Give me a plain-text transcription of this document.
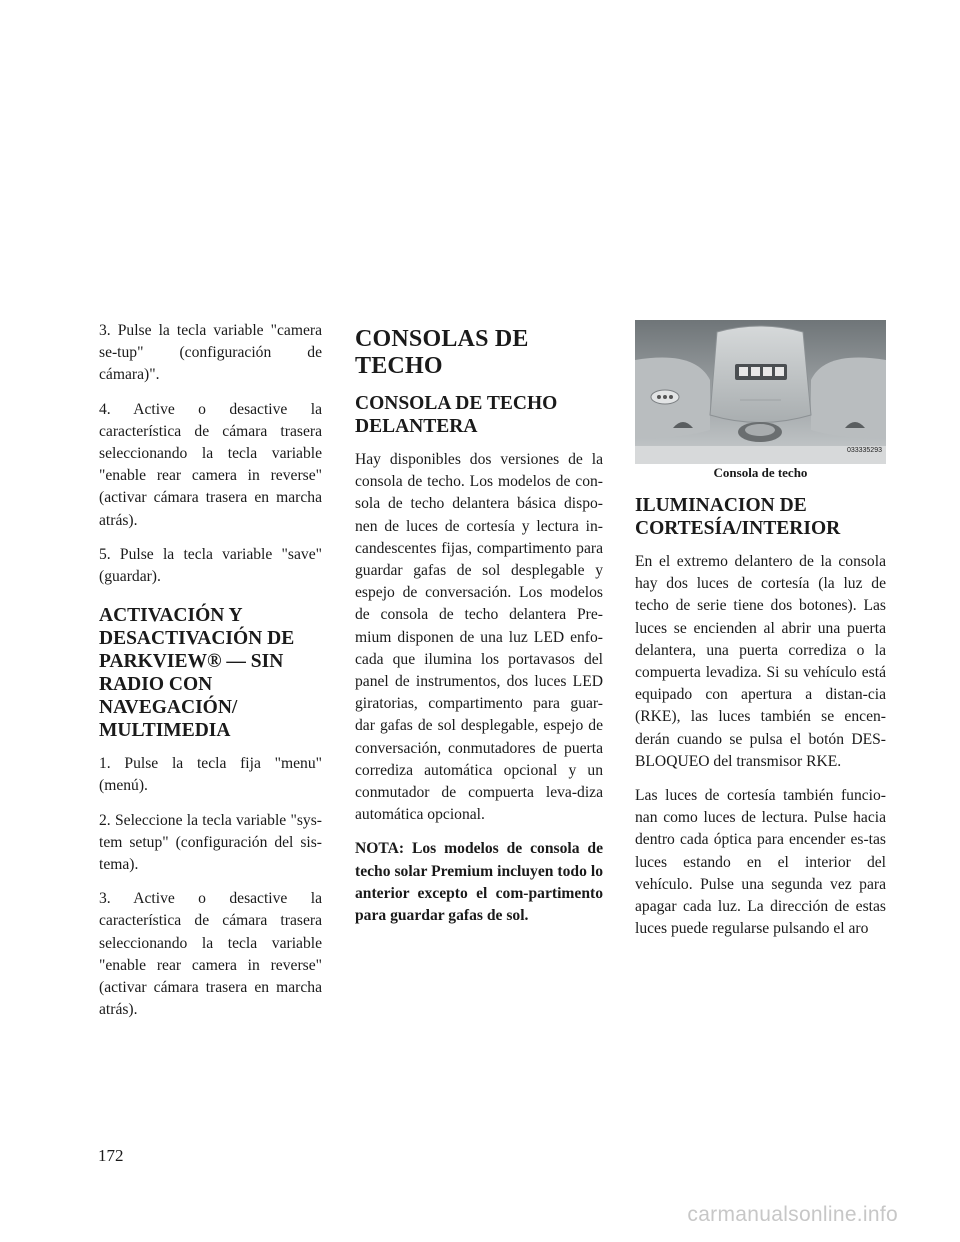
3. Pulse la tecla variable "camera se-tup" (configuración de cámara)".

4. Active o desactive la característica de cámara trasera seleccionando la tecla variable "enable rear camera in reverse" (activar cámara trasera en marcha atrás).

5. Pulse la tecla variable "save" (guardar).

ACTIVACIÓN Y DESACTIVACIÓN DE PARKVIEW® — SIN RADIO CON NAVEGACIÓN/ MULTIMEDIA

1. Pulse la tecla fija "menu" (menú).

2. Seleccione la tecla variable "sys-tem setup" (configuración del sis-tema).

3. Active o desactive la característica de cámara trasera seleccionando la tecla variable "enable rear camera in reverse" (activar cámara trasera en marcha atrás).

CONSOLAS DE TECHO
CONSOLA DE TECHO DELANTERA

Hay disponibles dos versiones de la consola de techo. Los modelos de con-sola de techo delantera básica dispo-nen de luces de cortesía y lectura in-candescentes fijas, compartimento para guardar gafas de sol desplegable y espejo de conversación. Los modelos de consola de techo delantera Pre-mium disponen de una luz LED enfo-cada que ilumina los portavasos del panel de instrumentos, dos luces LED giratorias, compartimento para guar-dar gafas de sol desplegable, espejo de conversación, conmutadores de puerta corrediza automática opcional y un conmutador de compuerta leva-diza automática opcional.

NOTA: Los modelos de consola de techo solar Premium incluyen todo lo anterior excepto el com-partimento para guardar gafas de sol.

033335293
Consola de techo
ILUMINACION DE CORTESÍA/INTERIOR

En el extremo delantero de la consola hay dos luces de cortesía (la luz de techo de serie tiene dos botones). Las luces se encienden al abrir una puerta delantera, una puerta corrediza o la compuerta levadiza. Si su vehículo está equipado con apertura a distan-cia (RKE), las luces también se encen-derán cuando se pulsa el botón DES-BLOQUEO del transmisor RKE.

Las luces de cortesía también funcio-nan como luces de lectura. Pulse hacia dentro cada óptica para encender es-tas luces estando en el interior del vehículo. Pulse una segunda vez para apagar cada luz. La dirección de estas luces puede regularse pulsando el aro

172
carmanualsonline.info
